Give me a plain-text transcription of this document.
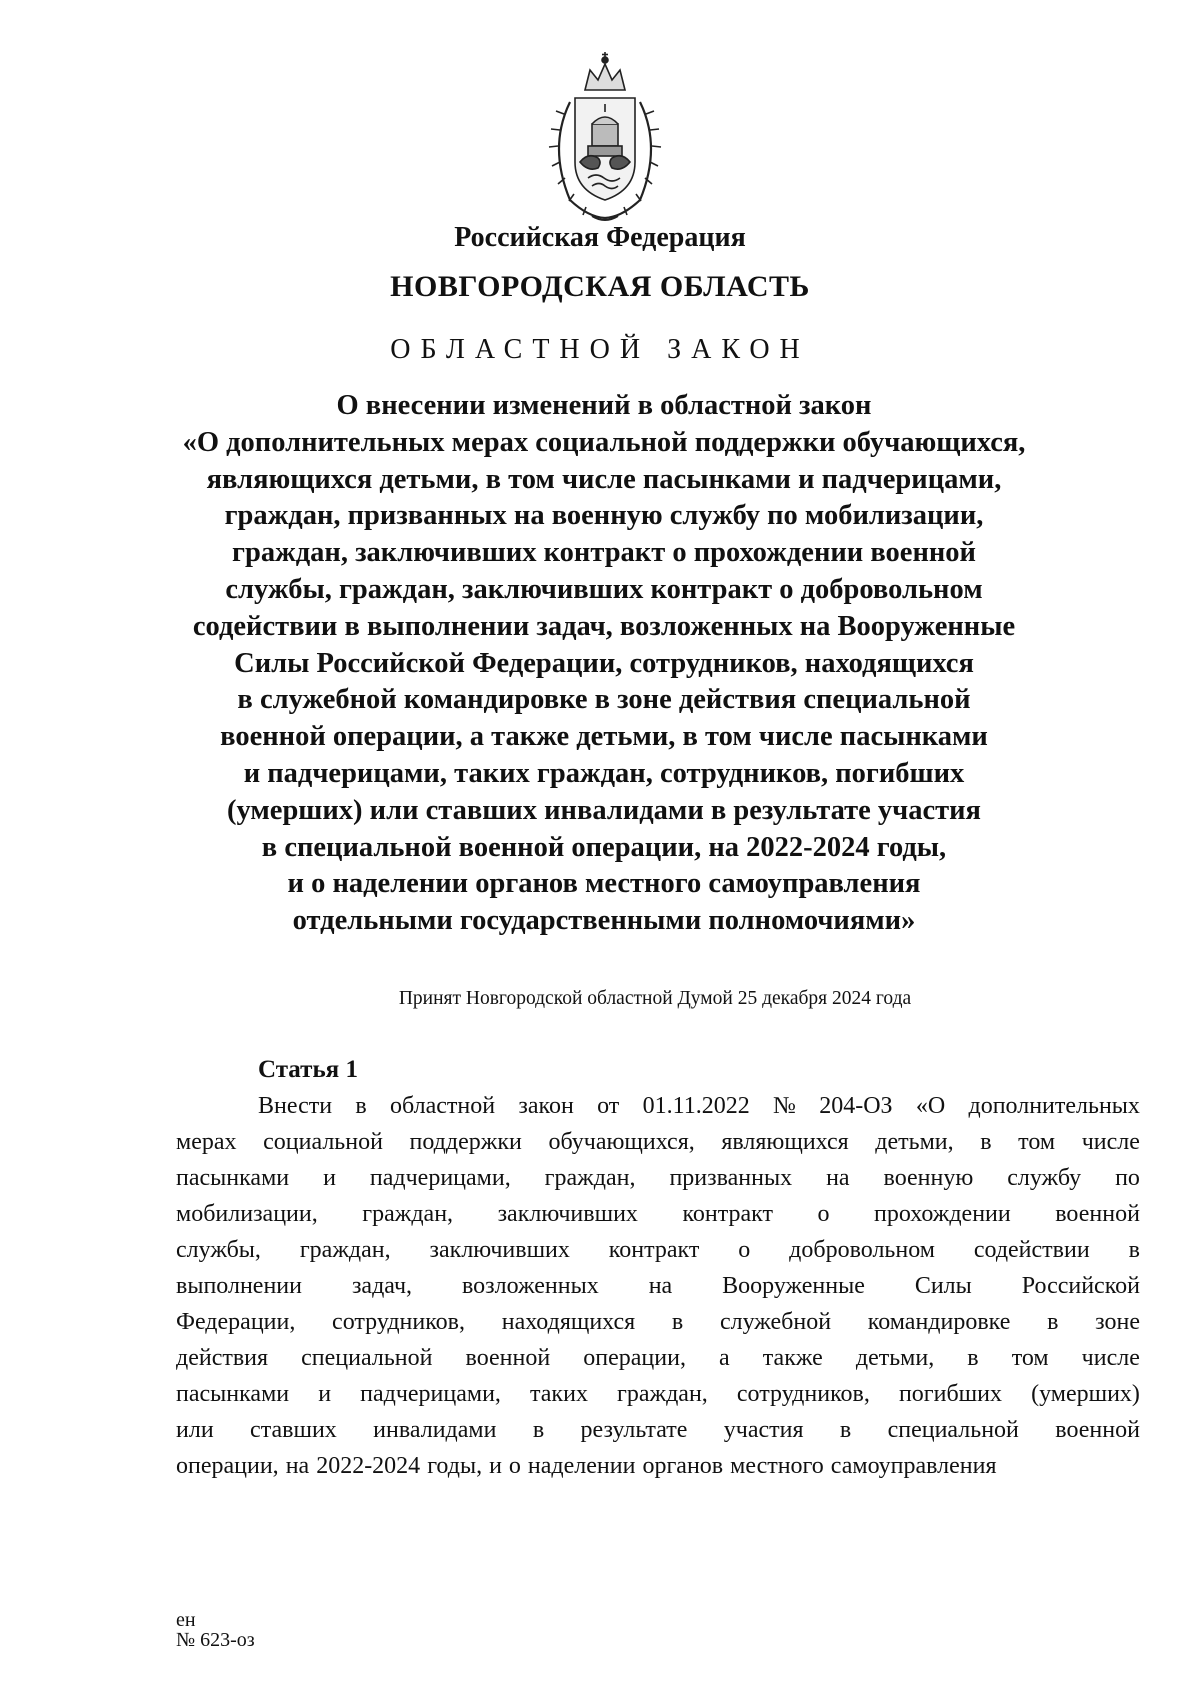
Российская Федерация
НОВГОРОДСКАЯ ОБЛАСТЬ
ОБЛАСТНОЙ ЗАКОН
О внесении изменений в областной закон
«О дополнительных мерах социальной поддержки обучающихся,
являющихся детьми, в том числе пасынками и падчерицами,
граждан, призванных на военную службу по мобилизации,
граждан, заключивших контракт о прохождении военной
службы, граждан, заключивших контракт о добровольном
содействии в выполнении задач, возложенных на Вооруженные
Силы Российской Федерации, сотрудников, находящихся
в служебной командировке в зоне действия специальной
военной операции, а также детьми, в том числе пасынками
и падчерицами, таких граждан, сотрудников, погибших
(умерших) или ставших инвалидами в результате участия
в специальной военной операции, на 2022-2024 годы,
и о наделении органов местного самоуправления
отдельными государственными полномочиями»
Принят Новгородской областной Думой 25 декабря 2024 года
Статья 1
Внести в областной закон от 01.11.2022 № 204-ОЗ «О дополнительных
мерах социальной поддержки обучающихся, являющихся детьми, в том числе
пасынками и падчерицами, граждан, призванных на военную службу по
мобилизации, граждан, заключивших контракт о прохождении военной
службы, граждан, заключивших контракт о добровольном содействии в
выполнении задач, возложенных на Вооруженные Силы Российской
Федерации, сотрудников, находящихся в служебной командировке в зоне
действия специальной военной операции, а также детьми, в том числе
пасынками и падчерицами, таких граждан, сотрудников, погибших (умерших)
или ставших инвалидами в результате участия в специальной военной
операции, на 2022-2024 годы, и о наделении органов местного самоуправления
ен
№ 623-оз
